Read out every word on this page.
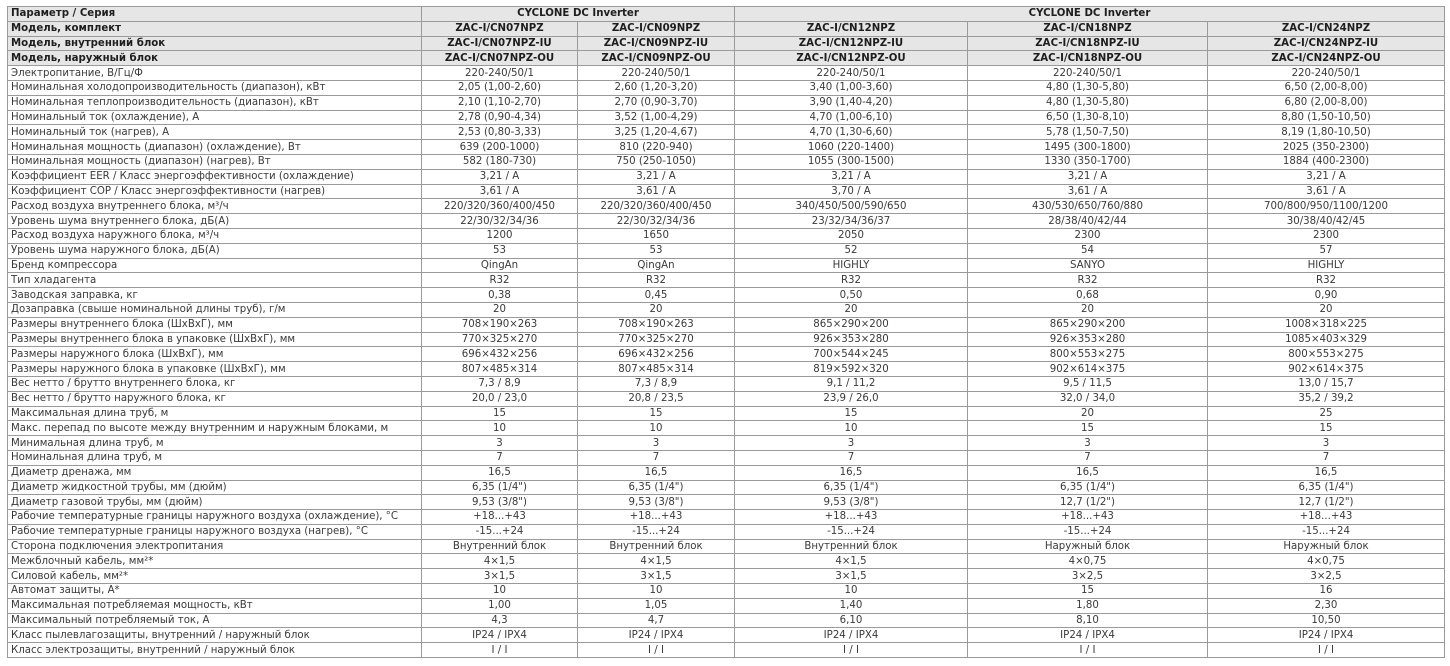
Параметр / Серия	CYCLONE DC Inverter		CYCLONE DC Inverter		
Модель, комплект	ZAC-I/CN07NPZ	ZAC-I/CN09NPZ	ZAC-I/CN12NPZ	ZAC-I/CN18NPZ	ZAC-I/CN24NPZ
Модель, внутренний блок	ZAC-I/CN07NPZ-IU	ZAC-I/CN09NPZ-IU	ZAC-I/CN12NPZ-IU	ZAC-I/CN18NPZ-IU	ZAC-I/CN24NPZ-IU
Модель, наружный блок	ZAC-I/CN07NPZ-OU	ZAC-I/CN09NPZ-OU	ZAC-I/CN12NPZ-OU	ZAC-I/CN18NPZ-OU	ZAC-I/CN24NPZ-OU
Электропитание, В/Гц/Ф	220-240/50/1	220-240/50/1	220-240/50/1	220-240/50/1	220-240/50/1
Номинальная холодопроизводительность (диапазон), кВт	2,05 (1,00-2,60)	2,60 (1,20-3,20)	3,40 (1,00-3,60)	4,80 (1,30-5,80)	6,50 (2,00-8,00)
Номинальная теплопроизводительность (диапазон), кВт	2,10 (1,10-2,70)	2,70 (0,90-3,70)	3,90 (1,40-4,20)	4,80 (1,30-5,80)	6,80 (2,00-8,00)
Номинальный ток (охлаждение), А	2,78 (0,90-4,34)	3,52 (1,00-4,29)	4,70 (1,00-6,10)	6,50 (1,30-8,10)	8,80 (1,50-10,50)
Номинальный ток (нагрев), А	2,53 (0,80-3,33)	3,25 (1,20-4,67)	4,70 (1,30-6,60)	5,78 (1,50-7,50)	8,19 (1,80-10,50)
Номинальная мощность (диапазон) (охлаждение), Вт	639 (200-1000)	810 (220-940)	1060 (220-1400)	1495 (300-1800)	2025 (350-2300)
Номинальная мощность (диапазон) (нагрев), Вт	582 (180-730)	750 (250-1050)	1055 (300-1500)	1330 (350-1700)	1884 (400-2300)
Коэффициент EER / Класс энергоэффективности (охлаждение)	3,21 / A	3,21 / A	3,21 / A	3,21 / A	3,21 / A
Коэффициент COP / Класс энергоэффективности (нагрев)	3,61 / A	3,61 / A	3,70 / A	3,61 / A	3,61 / A
Расход воздуха внутреннего блока, м³/ч	220/320/360/400/450	220/320/360/400/450	340/450/500/590/650	430/530/650/760/880	700/800/950/1100/1200
Уровень шума внутреннего блока, дБ(А)	22/30/32/34/36	22/30/32/34/36	23/32/34/36/37	28/38/40/42/44	30/38/40/42/45
Расход воздуха наружного блока, м³/ч	1200	1650	2050	2300	2300
Уровень шума наружного блока, дБ(А)	53	53	52	54	57
Бренд компрессора	QingAn	QingAn	HIGHLY	SANYO	HIGHLY
Тип хладагента	R32	R32	R32	R32	R32
Заводская заправка, кг	0,38	0,45	0,50	0,68	0,90
Дозаправка (свыше номинальной длины труб), г/м	20	20	20	20	20
Размеры внутреннего блока (ШхВхГ), мм	708×190×263	708×190×263	865×290×200	865×290×200	1008×318×225
Размеры внутреннего блока в упаковке (ШхВхГ), мм	770×325×270	770×325×270	926×353×280	926×353×280	1085×403×329
Размеры наружного блока (ШхВхГ), мм	696×432×256	696×432×256	700×544×245	800×553×275	800×553×275
Размеры наружного блока в упаковке (ШхВхГ), мм	807×485×314	807×485×314	819×592×320	902×614×375	902×614×375
Вес нетто / брутто внутреннего блока, кг	7,3 / 8,9	7,3 / 8,9	9,1 / 11,2	9,5 / 11,5	13,0 / 15,7
Вес нетто / брутто наружного блока, кг	20,0 / 23,0	20,8 / 23,5	23,9 / 26,0	32,0 / 34,0	35,2 / 39,2
Максимальная длина труб, м	15	15	15	20	25
Макс. перепад по высоте между внутренним и наружным блоками, м	10	10	10	15	15
Минимальная длина труб, м	3	3	3	3	3
Номинальная длина труб, м	7	7	7	7	7
Диаметр дренажа, мм	16,5	16,5	16,5	16,5	16,5
Диаметр жидкостной трубы, мм (дюйм)	6,35 (1/4")	6,35 (1/4")	6,35 (1/4")	6,35 (1/4")	6,35 (1/4")
Диаметр газовой трубы, мм (дюйм)	9,53 (3/8")	9,53 (3/8")	9,53 (3/8")	12,7 (1/2")	12,7 (1/2")
Рабочие температурные границы наружного воздуха (охлаждение), °С	+18...+43	+18...+43	+18...+43	+18...+43	+18...+43
Рабочие температурные границы наружного воздуха (нагрев), °С	-15...+24	-15...+24	-15...+24	-15...+24	-15...+24
Сторона подключения электропитания	Внутренний блок	Внутренний блок	Внутренний блок	Наружный блок	Наружный блок
Межблочный кабель, мм²*	4×1,5	4×1,5	4×1,5	4×0,75	4×0,75
Силовой кабель, мм²*	3×1,5	3×1,5	3×1,5	3×2,5	3×2,5
Автомат защиты, А*	10	10	10	15	16
Максимальная потребляемая мощность, кВт	1,00	1,05	1,40	1,80	2,30
Максимальный потребляемый ток, А	4,3	4,7	6,10	8,10	10,50
Класс пылевлагозащиты, внутренний / наружный блок	IP24 / IPX4	IP24 / IPX4	IP24 / IPX4	IP24 / IPX4	IP24 / IPX4
Класс электрозащиты, внутренний / наружный блок	I / I	I / I	I / I	I / I	I / I
